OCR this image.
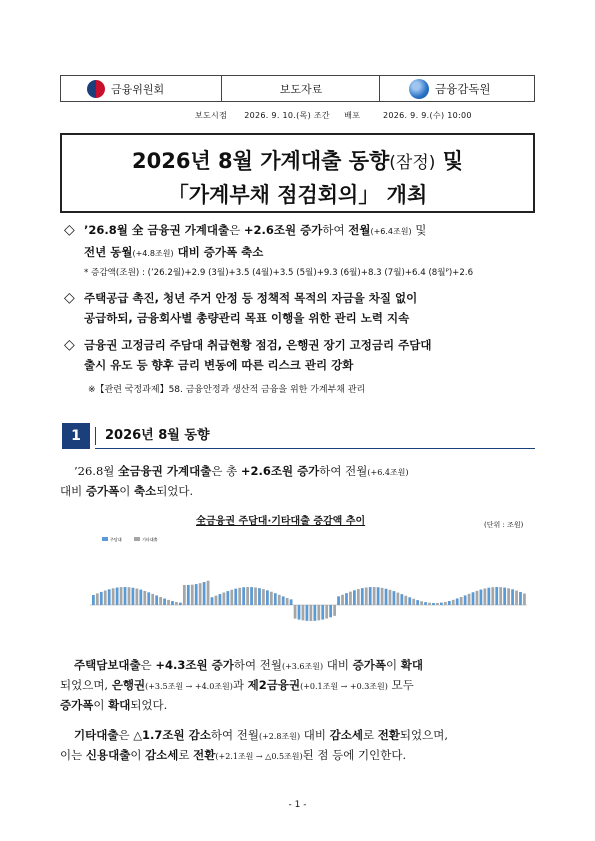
금융위원회	보도자료	금융감독원
보도시점 2026. 9. 10.(목) 조간 배포	2026. 9. 9.(수) 10:00
2026년 8월 가계대출 동향(잠정) 및
「가계부채 점검회의」 개최
◇ ’26.8월 全 금융권 가계대출은 +2.6조원 증가하여 전월(+6.4조원) 및
전년 동월(+4.8조원) 대비 증가폭 축소
* 증감액(조원) : (’26.2월)+2.9 (3월)+3.5 (4월)+3.5 (5월)+9.3 (6월)+8.3 (7월)+6.4 (8월ᴾ)+2.6
◇ 주택공급 촉진, 청년 주거 안정 등 정책적 목적의 자금을 차질 없이
공급하되, 금융회사별 총량관리 목표 이행을 위한 관리 노력 지속
◇ 금융권 고정금리 주담대 취급현황 점검, 은행권 장기 고정금리 주담대
출시 유도 등 향후 금리 변동에 따른 리스크 관리 강화
※【관련 국정과제】58. 금융안정과 생산적 금융을 위한 가계부채 관리
1	2026년 8월 동향
’26.8월 全금융권 가계대출은 총 +2.6조원 증가하여 전월(+6.4조원)
대비 증가폭이 축소되었다.
全금융권 주담대·기타대출 증감액 추이	(단위 : 조원)
주담대	기타대출
주택담보대출은 +4.3조원 증가하여 전월(+3.6조원) 대비 증가폭이 확대
되었으며, 은행권(+3.5조원 → +4.0조원)과 제2금융권(+0.1조원 → +0.3조원) 모두
증가폭이 확대되었다.
기타대출은 △1.7조원 감소하여 전월(+2.8조원) 대비 감소세로 전환되었으며,
이는 신용대출이 감소세로 전환(+2.1조원 → △0.5조원)된 점 등에 기인한다.
- 1 -
